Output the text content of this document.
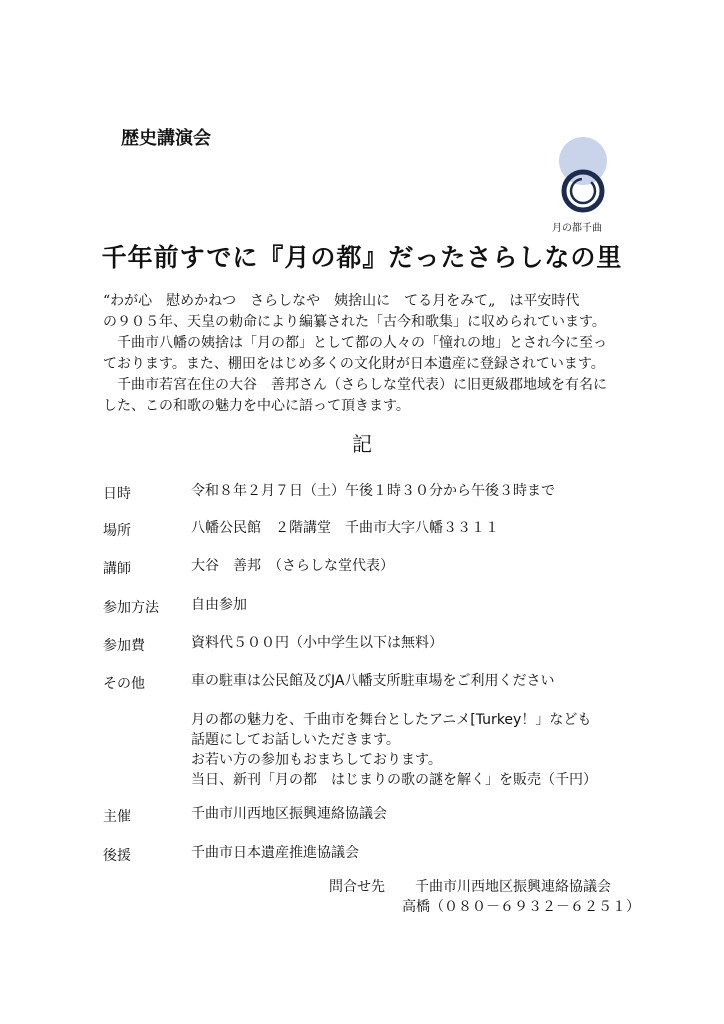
歴史講演会
月の都千曲
千年前すでに『月の都』だったさらしなの里

“わが心　慰めかねつ　さらしなや　姨捨山に　てる月をみて„　は平安時代

の９０５年、天皇の勅命により編纂された「古今和歌集」に収められています。

　千曲市八幡の姨捨は「月の都」として都の人々の「憧れの地」とされ今に至っ

ております。また、棚田をはじめ多くの文化財が日本遺産に登録されています。

　千曲市若宮在住の大谷　善邦さん（さらしな堂代表）に旧更級郡地域を有名に

した、この和歌の魅力を中心に語って頂きます。

記
日時	令和８年２月７日（土）午後１時３０分から午後３時まで

場所	八幡公民館　２階講堂　千曲市大字八幡３３１１

講師	大谷　善邦　（さらしな堂代表）

参加方法 自由参加

参加費	資料代５００円（小中学生以下は無料）

その他	車の駐車は公民館及びJA八幡支所駐車場をご利用ください

月の都の魅力を、千曲市を舞台としたアニメ[Turkey！」なども

話題にしてお話しいただきます。

お若い方の参加もおまちしております。

当日、新刊「月の都　はじまりの歌の謎を解く」を販売（千円）

主催	千曲市川西地区振興連絡協議会

後援	千曲市日本遺産推進協議会

問合せ先 千曲市川西地区振興連絡協議会
高橋（０８０－６９３２－６２５１）
